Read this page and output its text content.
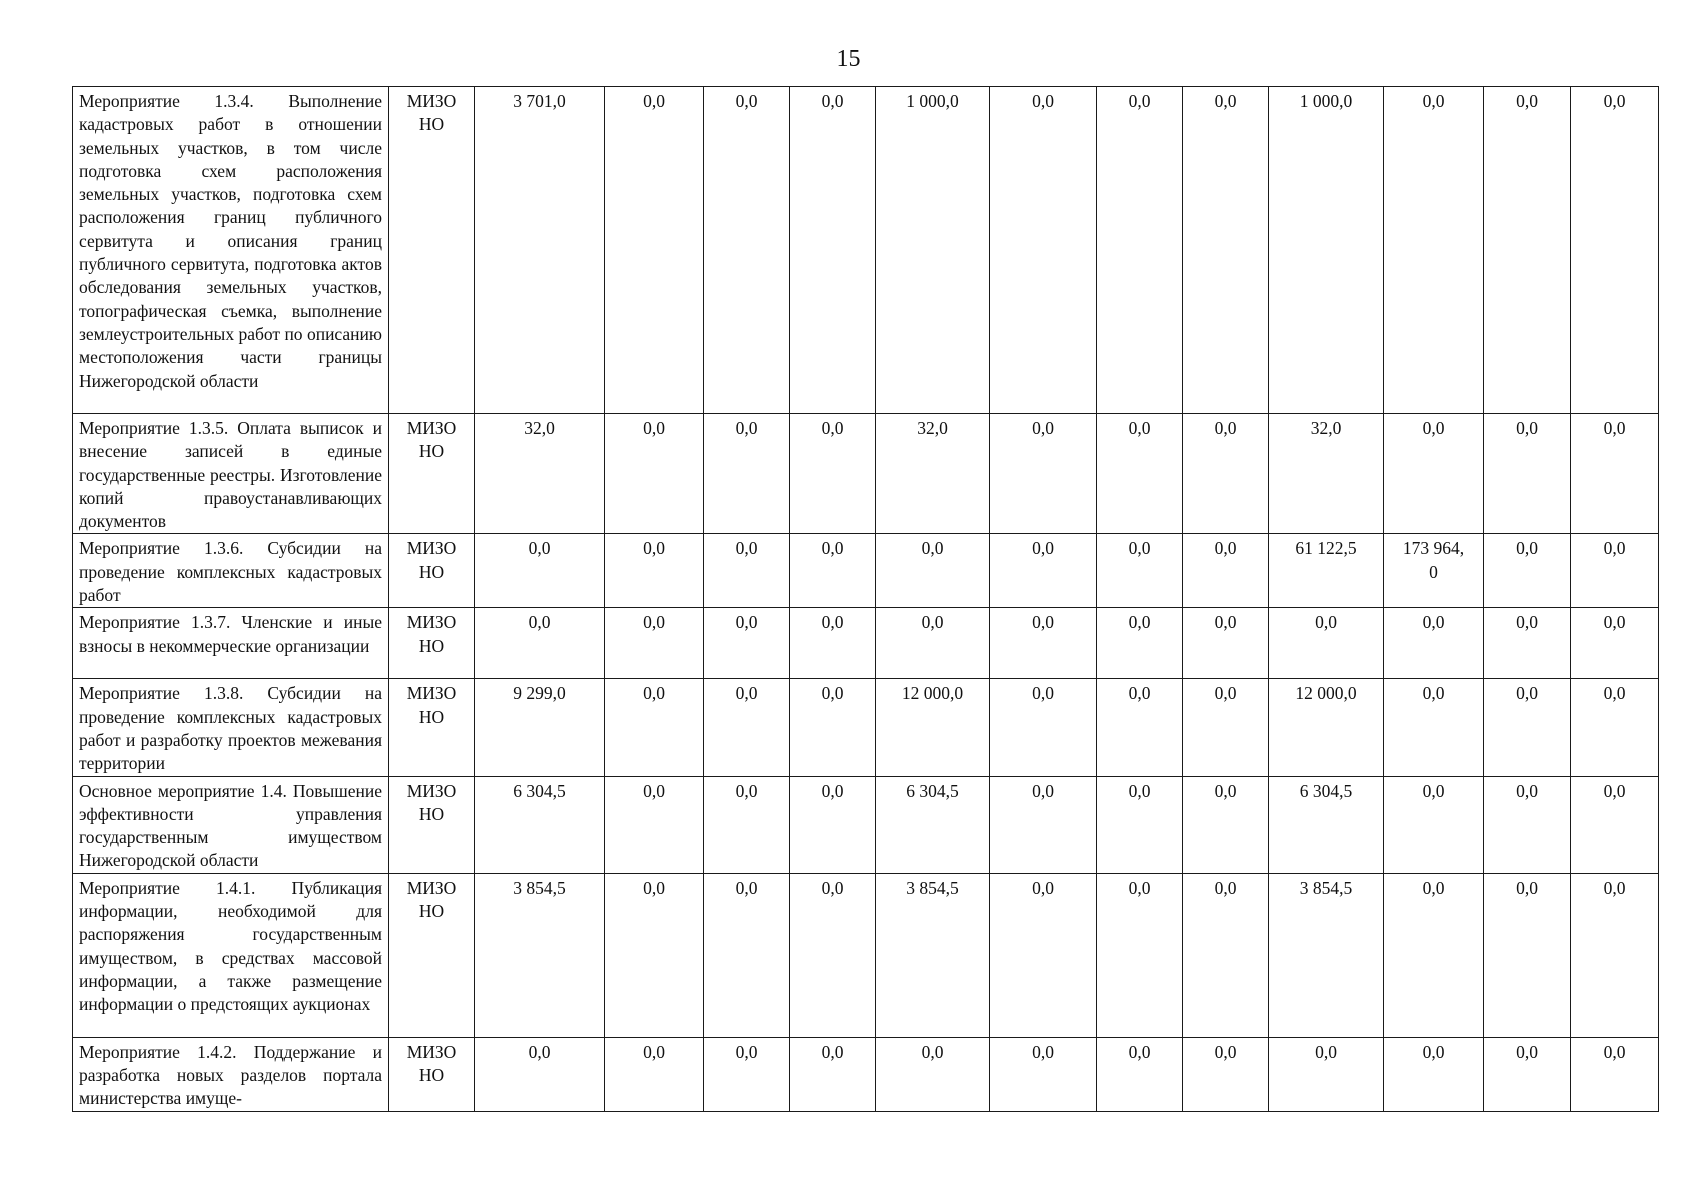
15
Мероприятие 1.3.4. Выполнение кадастровых работ в отношении земельных участков, в том числе подготовка схем расположения земельных участков, подготовка схем расположения границ публичного сервитута и описания границ публичного сервитута, подготовка актов обследования земельных участков, топографическая съемка, выполнение землеустроительных работ по описанию местоположения части границы Нижегородской области	МИЗО
НО	3 701,0	0,0	0,0	0,0	1 000,0	0,0	0,0	0,0	1 000,0	0,0	0,0	0,0
Мероприятие 1.3.5. Оплата выписок и внесение записей в единые государственные реестры. Изготовление копий правоустанавливающих документов	МИЗО
НО	32,0	0,0	0,0	0,0	32,0	0,0	0,0	0,0	32,0	0,0	0,0	0,0
Мероприятие 1.3.6. Субсидии на проведение комплексных кадастровых работ	МИЗО
НО	0,0	0,0	0,0	0,0	0,0	0,0	0,0	0,0	61 122,5	173 964,
0	0,0	0,0
Мероприятие 1.3.7. Членские и иные взносы в некоммерческие организации	МИЗО
НО	0,0	0,0	0,0	0,0	0,0	0,0	0,0	0,0	0,0	0,0	0,0	0,0
Мероприятие 1.3.8. Субсидии на проведение комплексных кадастровых работ и разработку проектов межевания территории	МИЗО
НО	9 299,0	0,0	0,0	0,0	12 000,0	0,0	0,0	0,0	12 000,0	0,0	0,0	0,0
Основное мероприятие 1.4. Повышение эффективности управления государственным имуществом Нижегородской области	МИЗО
НО	6 304,5	0,0	0,0	0,0	6 304,5	0,0	0,0	0,0	6 304,5	0,0	0,0	0,0
Мероприятие 1.4.1. Публикация информации, необходимой для распоряжения государственным имуществом, в средствах массовой информации, а также размещение информации о предстоящих аукционах	МИЗО
НО	3 854,5	0,0	0,0	0,0	3 854,5	0,0	0,0	0,0	3 854,5	0,0	0,0	0,0
Мероприятие 1.4.2. Поддержание и разработка новых разделов портала министерства имуще-	МИЗО
НО	0,0	0,0	0,0	0,0	0,0	0,0	0,0	0,0	0,0	0,0	0,0	0,0
